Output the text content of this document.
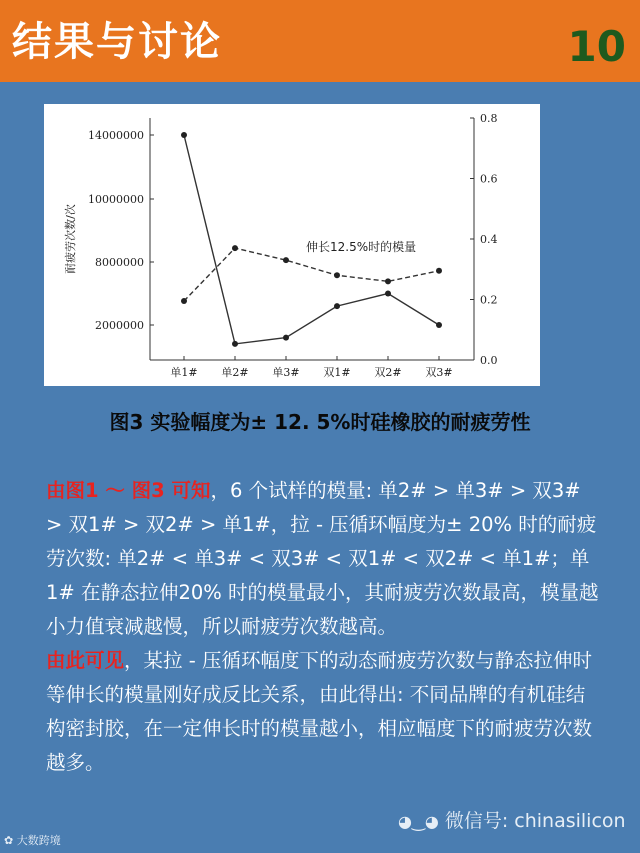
结果与讨论	10
2000000
8000000
10000000
14000000
0.0
0.2
0.4
0.6
0.8
单1# 单2# 单3# 双1# 双2# 双3#
耐疲劳次数/次	伸长12.5%时的模量
图3 实验幅度为± 12. 5%时硅橡胶的耐疲劳性
由图1 ～ 图3 可知，6 个试样的模量: 单2# > 单3# > 双3# > 双1# > 双2# > 单1#，拉 - 压循环幅度为± 20% 时的耐疲劳次数: 单2# < 单3# < 双3# < 双1# < 双2# < 单1#；单1# 在静态拉伸20% 时的模量最小，其耐疲劳次数最高，模量越小力值衰减越慢，所以耐疲劳次数越高。
由此可见，某拉 - 压循环幅度下的动态耐疲劳次数与静态拉伸时等伸长的模量刚好成反比关系，由此得出: 不同品牌的有机硅结构密封胶，在一定伸长时的模量越小，相应幅度下的耐疲劳次数越多。
◕‿◕ 微信号: chinasilicon
✿ 大数跨境
